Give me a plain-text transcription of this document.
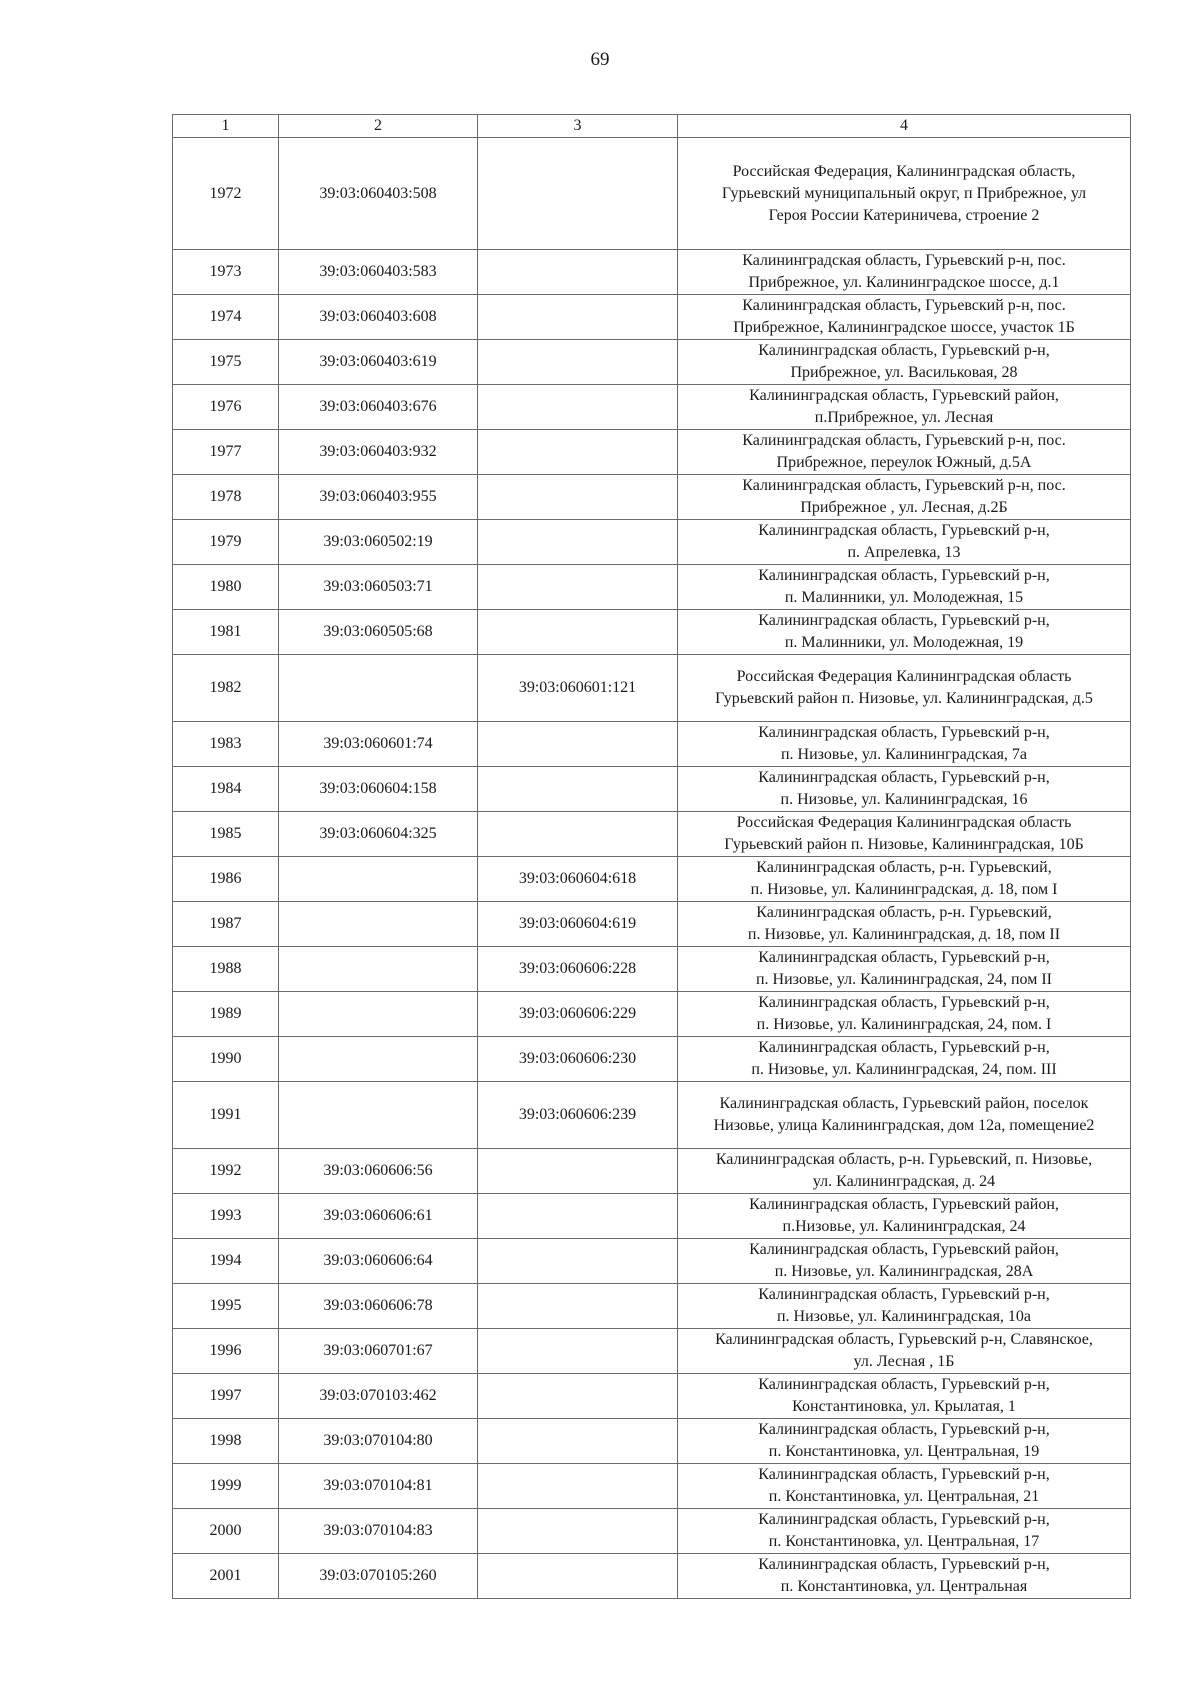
69
1	2	3	4
1972	39:03:060403:508		Российская Федерация, Калининградская область,
Гурьевский муниципальный округ, п Прибрежное, ул
Героя России Катериничева, строение 2
1973	39:03:060403:583		Калининградская область, Гурьевский р-н, пос.
Прибрежное, ул. Калининградское шоссе, д.1
1974	39:03:060403:608		Калининградская область, Гурьевский р-н, пос.
Прибрежное, Калининградское шоссе, участок 1Б
1975	39:03:060403:619		Калининградская область, Гурьевский р-н,
Прибрежное, ул. Васильковая, 28
1976	39:03:060403:676		Калининградская область, Гурьевский район,
п.Прибрежное, ул. Лесная
1977	39:03:060403:932		Калининградская область, Гурьевский р-н, пос.
Прибрежное, переулок Южный, д.5А
1978	39:03:060403:955		Калининградская область, Гурьевский р-н, пос.
Прибрежное , ул. Лесная, д.2Б
1979	39:03:060502:19		Калининградская область, Гурьевский р-н,
п. Апрелевка, 13
1980	39:03:060503:71		Калининградская область, Гурьевский р-н,
п. Малинники, ул. Молодежная, 15
1981	39:03:060505:68		Калининградская область, Гурьевский р-н,
п. Малинники, ул. Молодежная, 19
1982		39:03:060601:121	Российская Федерация Калининградская область
Гурьевский район п. Низовье, ул. Калининградская, д.5
1983	39:03:060601:74		Калининградская область, Гурьевский р-н,
п. Низовье, ул. Калининградская, 7а
1984	39:03:060604:158		Калининградская область, Гурьевский р-н,
п. Низовье, ул. Калининградская, 16
1985	39:03:060604:325		Российская Федерация Калининградская область
Гурьевский район п. Низовье, Калининградская, 10Б
1986		39:03:060604:618	Калининградская область, р-н. Гурьевский,
п. Низовье, ул. Калининградская, д. 18, пом I
1987		39:03:060604:619	Калининградская область, р-н. Гурьевский,
п. Низовье, ул. Калининградская, д. 18, пом II
1988		39:03:060606:228	Калининградская область, Гурьевский р-н,
п. Низовье, ул. Калининградская, 24, пом II
1989		39:03:060606:229	Калининградская область, Гурьевский р-н,
п. Низовье, ул. Калининградская, 24, пом. I
1990		39:03:060606:230	Калининградская область, Гурьевский р-н,
п. Низовье, ул. Калининградская, 24, пом. III
1991		39:03:060606:239	Калининградская область, Гурьевский район, поселок
Низовье, улица Калининградская, дом 12а, помещение2
1992	39:03:060606:56		Калининградская область, р-н. Гурьевский, п. Низовье,
ул. Калининградская, д. 24
1993	39:03:060606:61		Калининградская область, Гурьевский район,
п.Низовье, ул. Калининградская, 24
1994	39:03:060606:64		Калининградская область, Гурьевский район,
п. Низовье, ул. Калининградская, 28А
1995	39:03:060606:78		Калининградская область, Гурьевский р-н,
п. Низовье, ул. Калининградская, 10а
1996	39:03:060701:67		Калининградская область, Гурьевский р-н, Славянское,
ул. Лесная , 1Б
1997	39:03:070103:462		Калининградская область, Гурьевский р-н,
Константиновка, ул. Крылатая, 1
1998	39:03:070104:80		Калининградская область, Гурьевский р-н,
п. Константиновка, ул. Центральная, 19
1999	39:03:070104:81		Калининградская область, Гурьевский р-н,
п. Константиновка, ул. Центральная, 21
2000	39:03:070104:83		Калининградская область, Гурьевский р-н,
п. Константиновка, ул. Центральная, 17
2001	39:03:070105:260		Калининградская область, Гурьевский р-н,
п. Константиновка, ул. Центральная
